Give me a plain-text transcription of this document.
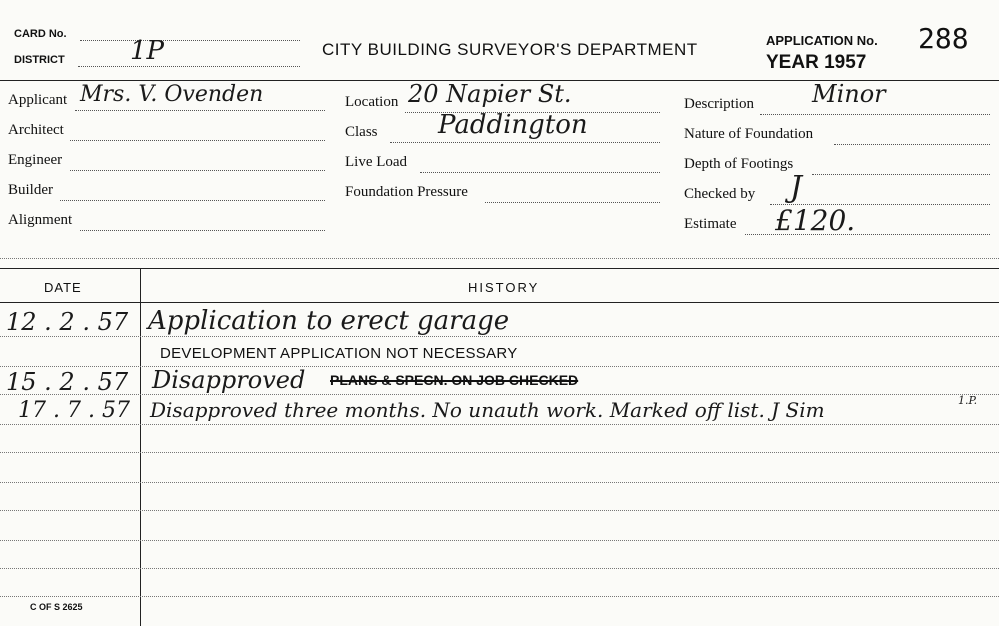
CARD No.
DISTRICT	1P	CITY BUILDING SURVEYOR'S DEPARTMENT	APPLICATION No. 288
YEAR 1957
Applicant Mrs. V. Ovenden
Architect
Engineer
Builder
Alignment
Location 20 Napier St.
Class Paddington
Live Load
Foundation Pressure
Description Minor
Nature of Foundation
Depth of Footings
Checked by J
Estimate £120.
DATE	HISTORY
12 . 2 . 57 Application to erect garage
DEVELOPMENT APPLICATION NOT NECESSARY
15 . 2 . 57 Disapproved PLANS & SPECN. ON JOB CHECKED
17 . 7 . 57 Disapproved three months. No unauth work. Marked off list. J Sim	1.P.
C OF S 2625
